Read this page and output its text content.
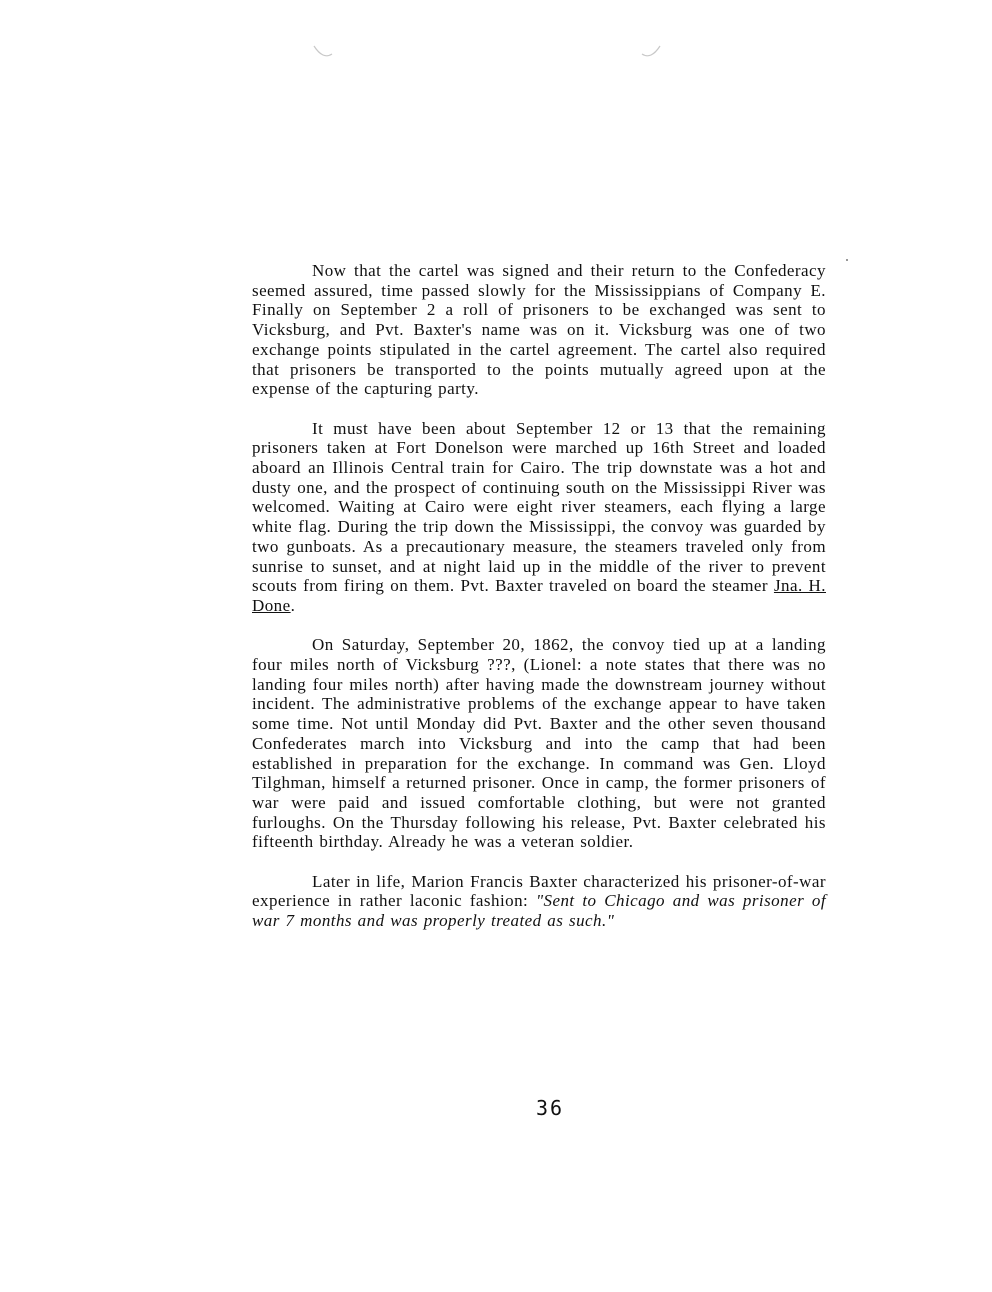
Now that the cartel was signed and their return to the Confederacy seemed assured, time passed slowly for the Mississippians of Company E. Finally on September 2 a roll of prisoners to be exchanged was sent to Vicksburg, and Pvt. Baxter's name was on it. Vicksburg was one of two exchange points stipulated in the cartel agreement. The cartel also required that prisoners be transported to the points mutually agreed upon at the expense of the capturing party.

It must have been about September 12 or 13 that the remaining prisoners taken at Fort Donelson were marched up 16th Street and loaded aboard an Illinois Central train for Cairo. The trip downstate was a hot and dusty one, and the prospect of continuing south on the Mississippi River was welcomed. Waiting at Cairo were eight river steamers, each flying a large white flag. During the trip down the Mississippi, the convoy was guarded by two gunboats. As a precautionary measure, the steamers traveled only from sunrise to sunset, and at night laid up in the middle of the river to prevent scouts from firing on them. Pvt. Baxter traveled on board the steamer Jna. H. Done.

On Saturday, September 20, 1862, the convoy tied up at a landing four miles north of Vicksburg ???, (Lionel: a note states that there was no landing four miles north) after having made the downstream journey without incident. The administrative problems of the exchange appear to have taken some time. Not until Monday did Pvt. Baxter and the other seven thousand Confederates march into Vicksburg and into the camp that had been established in preparation for the exchange. In command was Gen. Lloyd Tilghman, himself a returned prisoner. Once in camp, the former prisoners of war were paid and issued comfortable clothing, but were not granted furloughs. On the Thursday following his release, Pvt. Baxter celebrated his fifteenth birthday. Already he was a veteran soldier.

Later in life, Marion Francis Baxter characterized his prisoner-of-war experience in rather laconic fashion: "Sent to Chicago and was prisoner of war 7 months and was properly treated as such."

36
